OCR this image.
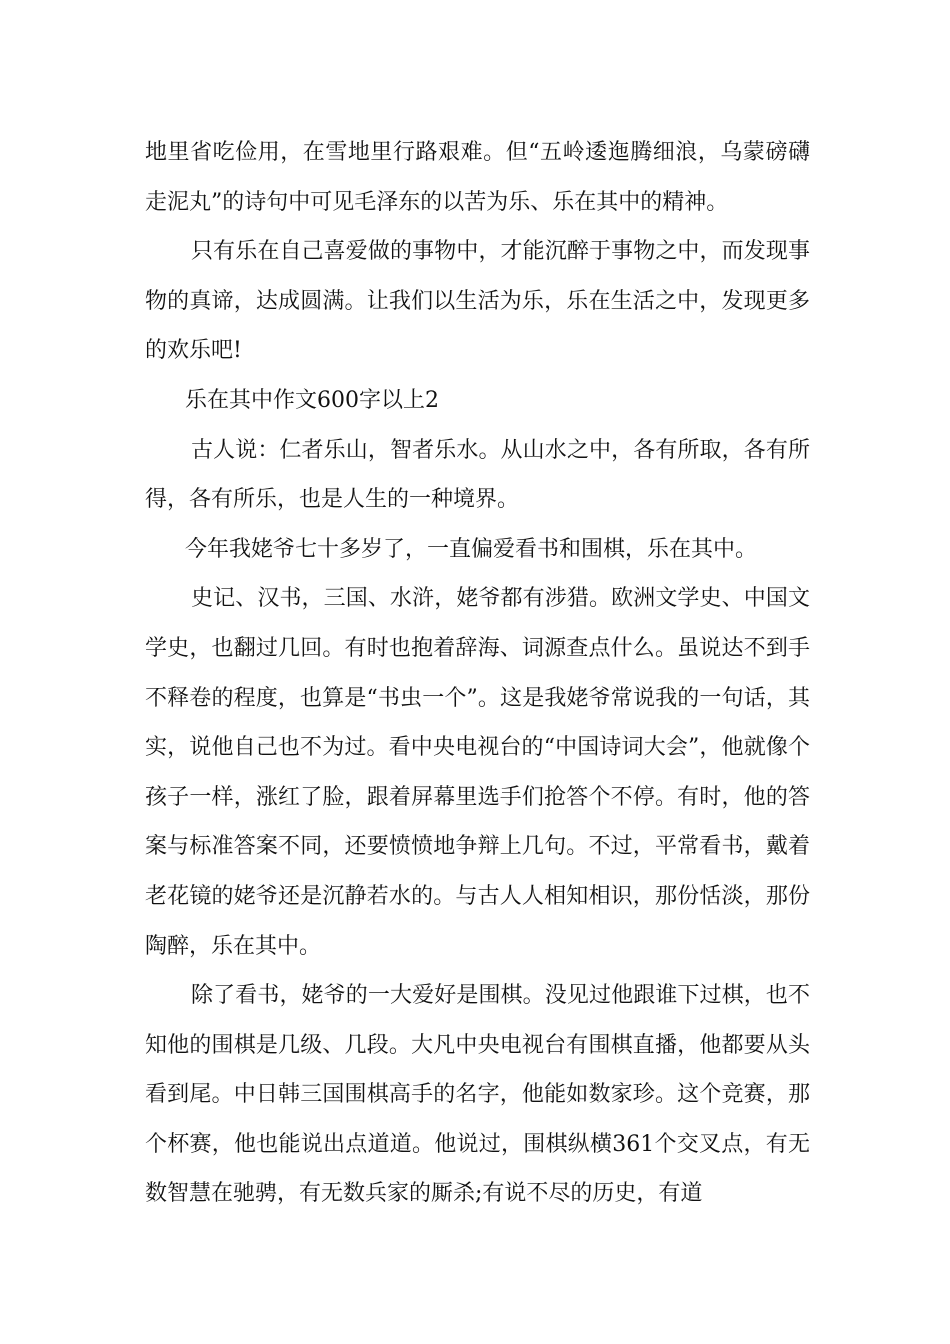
地里省吃俭用，在雪地里行路艰难。但“五岭逶迤腾细浪，乌蒙磅礴走泥丸”的诗句中可见毛泽东的以苦为乐、乐在其中的精神。

只有乐在自己喜爱做的事物中，才能沉醉于事物之中，而发现事物的真谛，达成圆满。让我们以生活为乐，乐在生活之中，发现更多的欢乐吧!

乐在其中作文600字以上2

古人说：仁者乐山，智者乐水。从山水之中，各有所取，各有所得，各有所乐，也是人生的一种境界。

今年我姥爷七十多岁了，一直偏爱看书和围棋，乐在其中。

史记、汉书，三国、水浒，姥爷都有涉猎。欧洲文学史、中国文学史，也翻过几回。有时也抱着辞海、词源查点什么。虽说达不到手不释卷的程度，也算是“书虫一个”。这是我姥爷常说我的一句话，其实，说他自己也不为过。看中央电视台的“中国诗词大会”，他就像个孩子一样，涨红了脸，跟着屏幕里选手们抢答个不停。有时，他的答案与标准答案不同，还要愤愤地争辩上几句。不过，平常看书，戴着老花镜的姥爷还是沉静若水的。与古人人相知相识，那份恬淡，那份陶醉，乐在其中。

除了看书，姥爷的一大爱好是围棋。没见过他跟谁下过棋，也不知他的围棋是几级、几段。大凡中央电视台有围棋直播，他都要从头看到尾。中日韩三国围棋高手的名字，他能如数家珍。这个竞赛，那个杯赛，他也能说出点道道。他说过，围棋纵横361个交叉点，有无数智慧在驰骋，有无数兵家的厮杀;有说不尽的历史，有道
